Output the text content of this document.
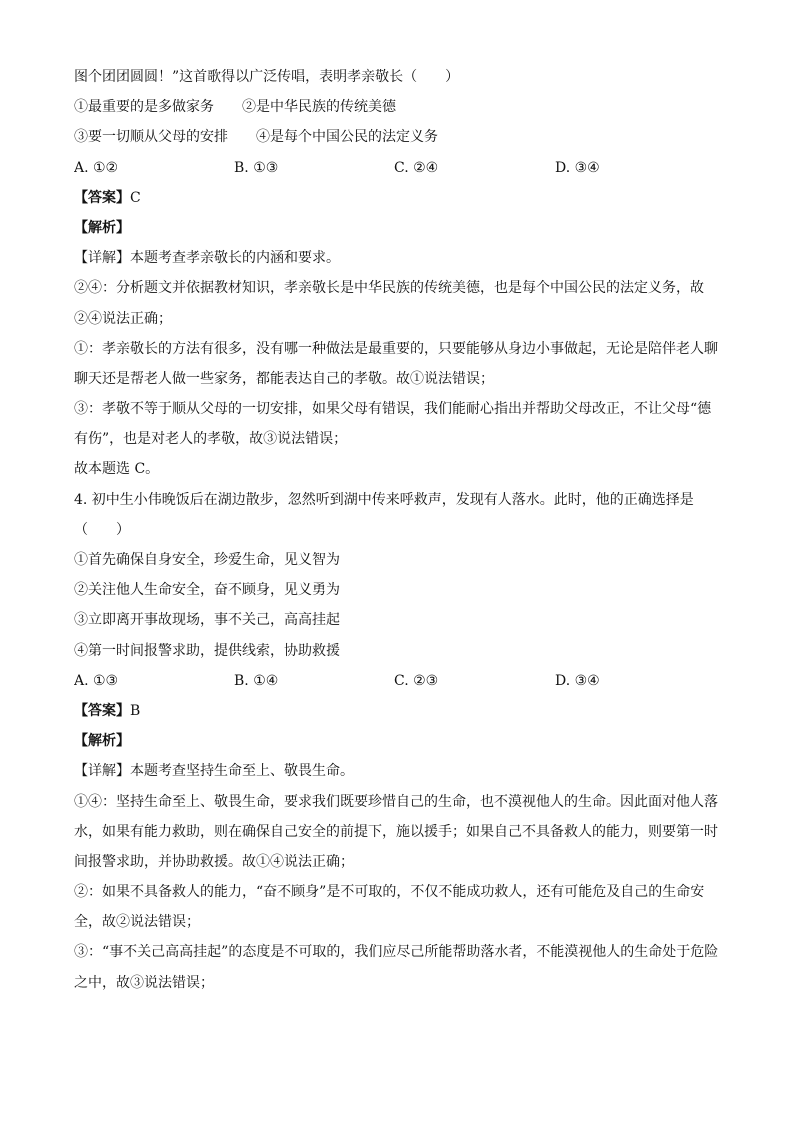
图个团团圆圆！”这首歌得以广泛传唱，表明孝亲敬长（　　）
①最重要的是多做家务　　②是中华民族的传统美德
③要一切顺从父母的安排　　④是每个中国公民的法定义务
A. ①②	B. ①③	C. ②④	D. ③④
【答案】C
【解析】
【详解】本题考查孝亲敬长的内涵和要求。
②④：分析题文并依据教材知识，孝亲敬长是中华民族的传统美德，也是每个中国公民的法定义务，故
②④说法正确；
①：孝亲敬长的方法有很多，没有哪一种做法是最重要的，只要能够从身边小事做起，无论是陪伴老人聊
聊天还是帮老人做一些家务，都能表达自己的孝敬。故①说法错误；
③：孝敬不等于顺从父母的一切安排，如果父母有错误，我们能耐心指出并帮助父母改正，不让父母“德
有伤”，也是对老人的孝敬，故③说法错误；
故本题选 C。
4. 初中生小伟晚饭后在湖边散步，忽然听到湖中传来呼救声，发现有人落水。此时，他的正确选择是
（　　）
①首先确保自身安全，珍爱生命，见义智为
②关注他人生命安全，奋不顾身，见义勇为
③立即离开事故现场，事不关己，高高挂起
④第一时间报警求助，提供线索，协助救援
A. ①③	B. ①④	C. ②③	D. ③④
【答案】B
【解析】
【详解】本题考查坚持生命至上、敬畏生命。
①④：坚持生命至上、敬畏生命，要求我们既要珍惜自己的生命，也不漠视他人的生命。因此面对他人落
水，如果有能力救助，则在确保自己安全的前提下，施以援手；如果自己不具备救人的能力，则要第一时
间报警求助，并协助救援。故①④说法正确；
②：如果不具备救人的能力，“奋不顾身”是不可取的，不仅不能成功救人，还有可能危及自己的生命安
全，故②说法错误；
③：“事不关己高高挂起”的态度是不可取的，我们应尽己所能帮助落水者，不能漠视他人的生命处于危险
之中，故③说法错误；
